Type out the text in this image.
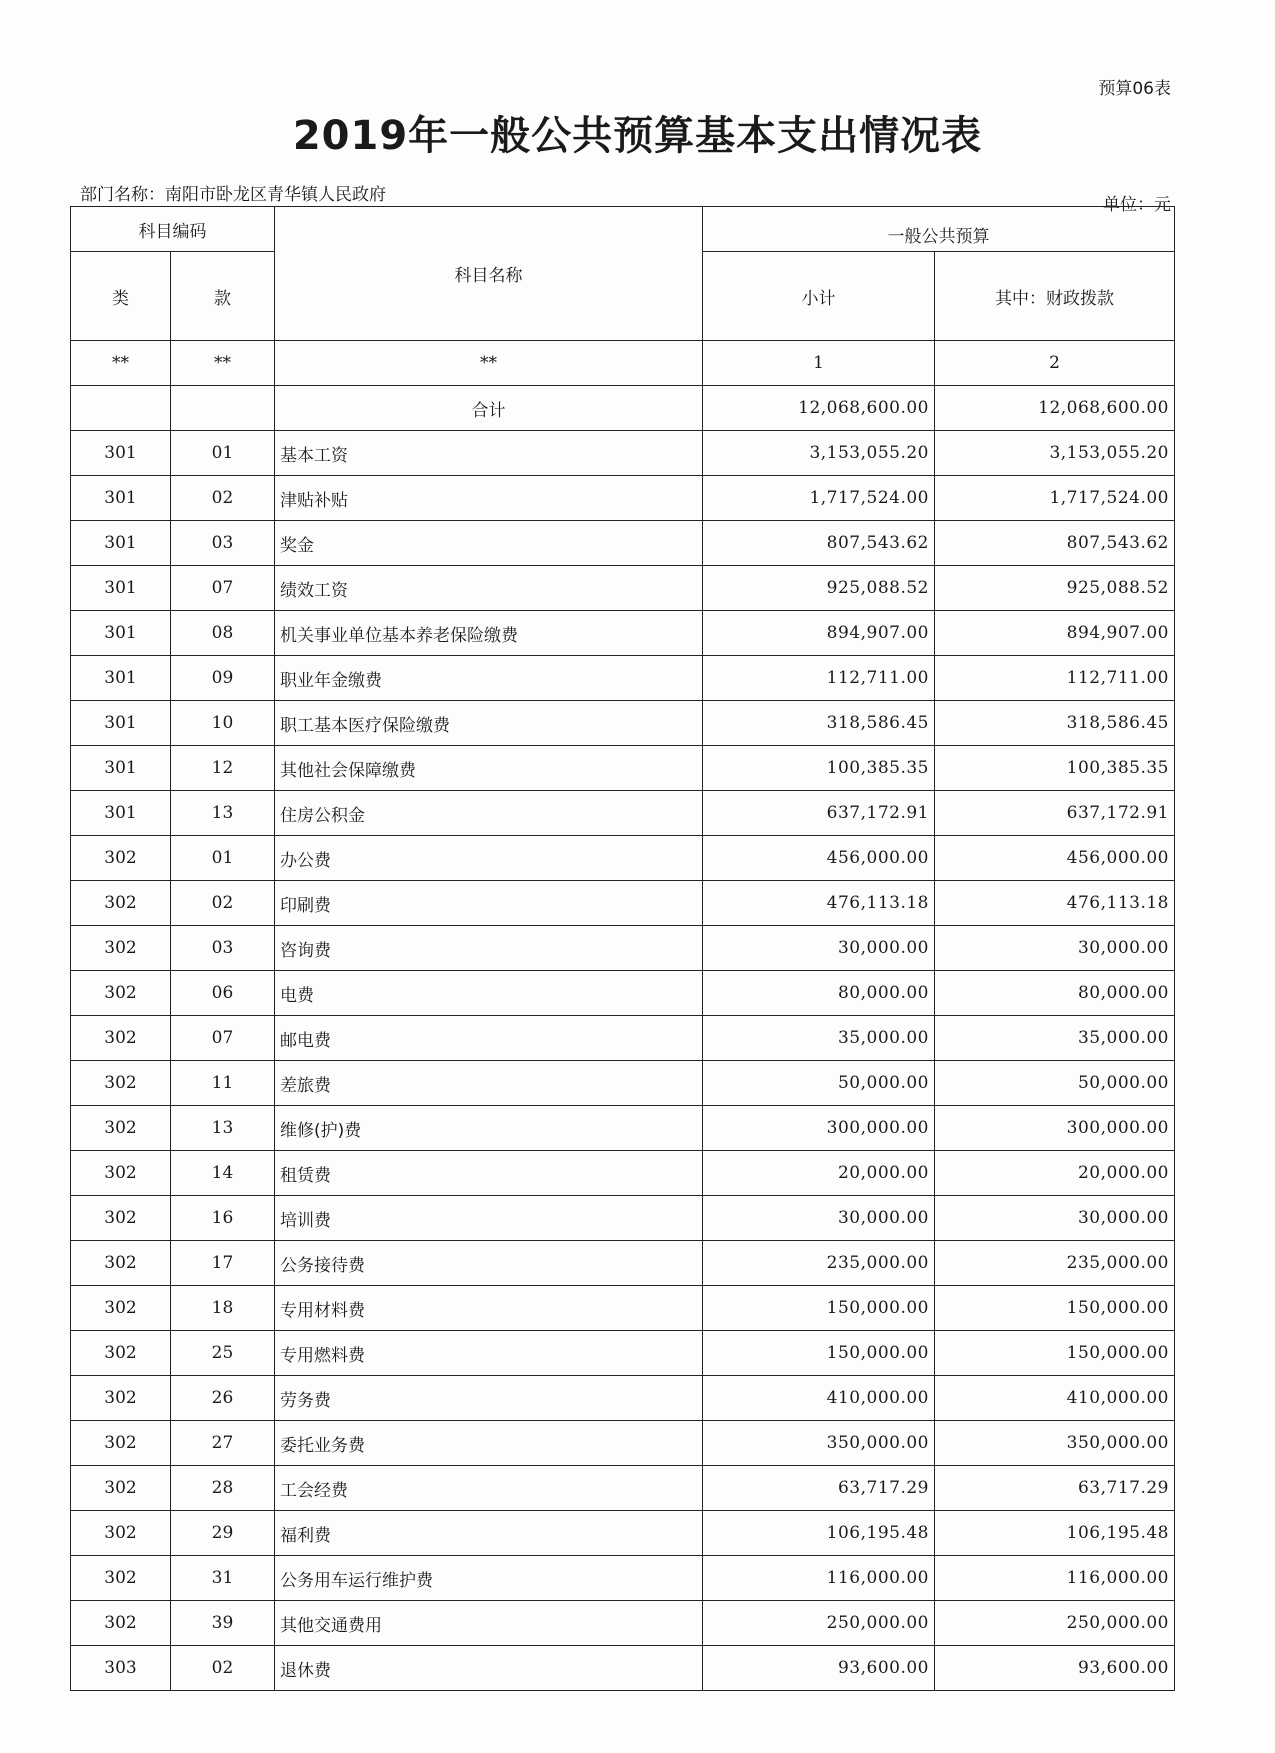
预算06表
2019年一般公共预算基本支出情况表
部门名称：南阳市卧龙区青华镇人民政府	单位：元
科目编码		科目名称	一般公共预算	
类	款		小计	其中：财政拨款
**	**	**	1	2
		合计	12,068,600.00	12,068,600.00
301	01	基本工资	3,153,055.20	3,153,055.20
301	02	津贴补贴	1,717,524.00	1,717,524.00
301	03	奖金	807,543.62	807,543.62
301	07	绩效工资	925,088.52	925,088.52
301	08	机关事业单位基本养老保险缴费	894,907.00	894,907.00
301	09	职业年金缴费	112,711.00	112,711.00
301	10	职工基本医疗保险缴费	318,586.45	318,586.45
301	12	其他社会保障缴费	100,385.35	100,385.35
301	13	住房公积金	637,172.91	637,172.91
302	01	办公费	456,000.00	456,000.00
302	02	印刷费	476,113.18	476,113.18
302	03	咨询费	30,000.00	30,000.00
302	06	电费	80,000.00	80,000.00
302	07	邮电费	35,000.00	35,000.00
302	11	差旅费	50,000.00	50,000.00
302	13	维修(护)费	300,000.00	300,000.00
302	14	租赁费	20,000.00	20,000.00
302	16	培训费	30,000.00	30,000.00
302	17	公务接待费	235,000.00	235,000.00
302	18	专用材料费	150,000.00	150,000.00
302	25	专用燃料费	150,000.00	150,000.00
302	26	劳务费	410,000.00	410,000.00
302	27	委托业务费	350,000.00	350,000.00
302	28	工会经费	63,717.29	63,717.29
302	29	福利费	106,195.48	106,195.48
302	31	公务用车运行维护费	116,000.00	116,000.00
302	39	其他交通费用	250,000.00	250,000.00
303	02	退休费	93,600.00	93,600.00
